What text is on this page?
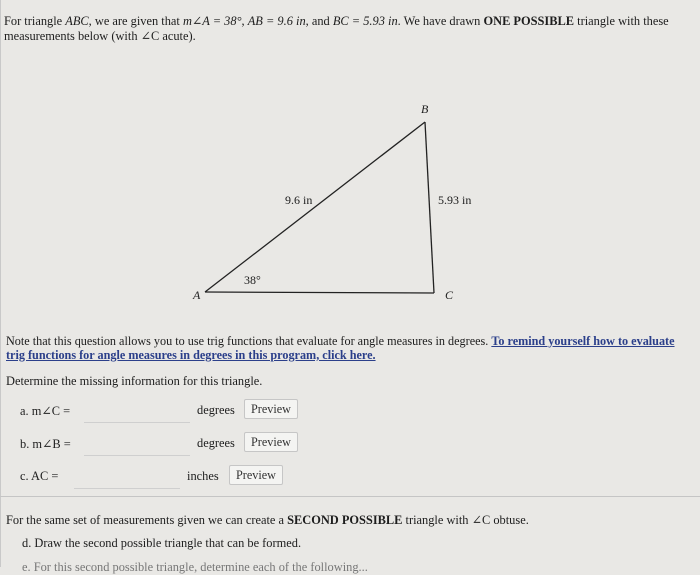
For triangle ABC, we are given that m∠A = 38°, AB = 9.6 in, and BC = 5.93 in. We have drawn ONE POSSIBLE triangle with these measurements below (with ∠C acute).
A
B
C
9.6 in	5.93 in
38°
Note that this question allows you to use trig functions that evaluate for angle measures in degrees. To remind yourself how to evaluate trig functions for angle measures in degrees in this program, click here.
Determine the missing information for this triangle.
a. m∠C =	degrees	Preview
b. m∠B =	degrees	Preview
c. AC =	inches	Preview
For the same set of measurements given we can create a SECOND POSSIBLE triangle with ∠C obtuse.
d. Draw the second possible triangle that can be formed.
e. For this second possible triangle, determine each of the following...
